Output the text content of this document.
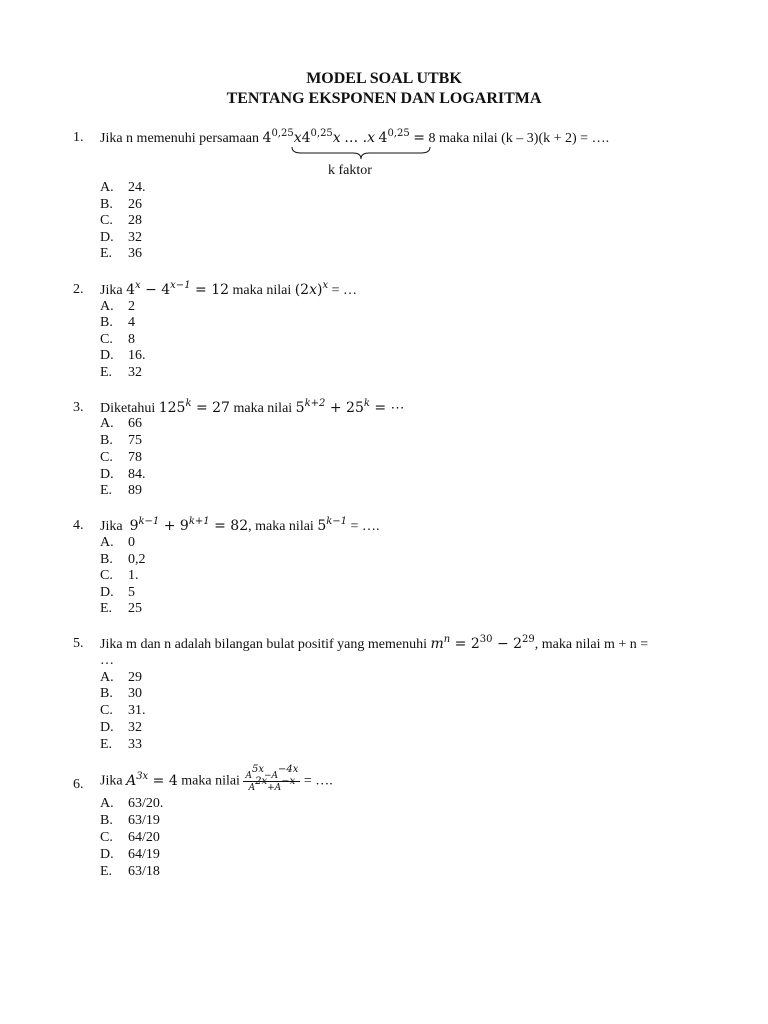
MODEL SOAL UTBK
TENTANG EKSPONEN DAN LOGARITMA
1. Jika n memenuhi persamaan 4$^{0,25}$x4$^{0,25}$x … .x $4^{0,25} = 8$ maka nilai (k – 3)(k + 2) = ….
k faktor
A. 24.
B. 26
C. 28
D. 32
E. 36
2. Jika $4^x - 4^{x-1} = 12$ maka nilai $(2x)^x$ = …
A. 2
B. 4
C. 8
D. 16.
E. 32
3. Diketahui $125^k = 27$ maka nilai $5^{k+2} + 25^k$ = ⋯
A. 66
B. 75
C. 78
D. 84.
E. 89
4. Jika $9^{k-1} + 9^{k+1} = 82$, maka nilai $5^{k-1}$ = ….
A. 0
B. 0,2
C. 1.
D. 5
E. 25
5. Jika m dan n adalah bilangan bulat positif yang memenuhi $m^n = 2^{30} - 2^{29}$, maka nilai m + n =
…
A. 29
B. 30
C. 31.
D. 32
E. 33
6. Jika $A^{3x} = 4$ maka nilai $\frac{A^{5x}-A^{-4x}}{A^{2x}+A^{-x}}$ = ….
A. 63/20.
B. 63/19
C. 64/20
D. 64/19
E. 63/18
